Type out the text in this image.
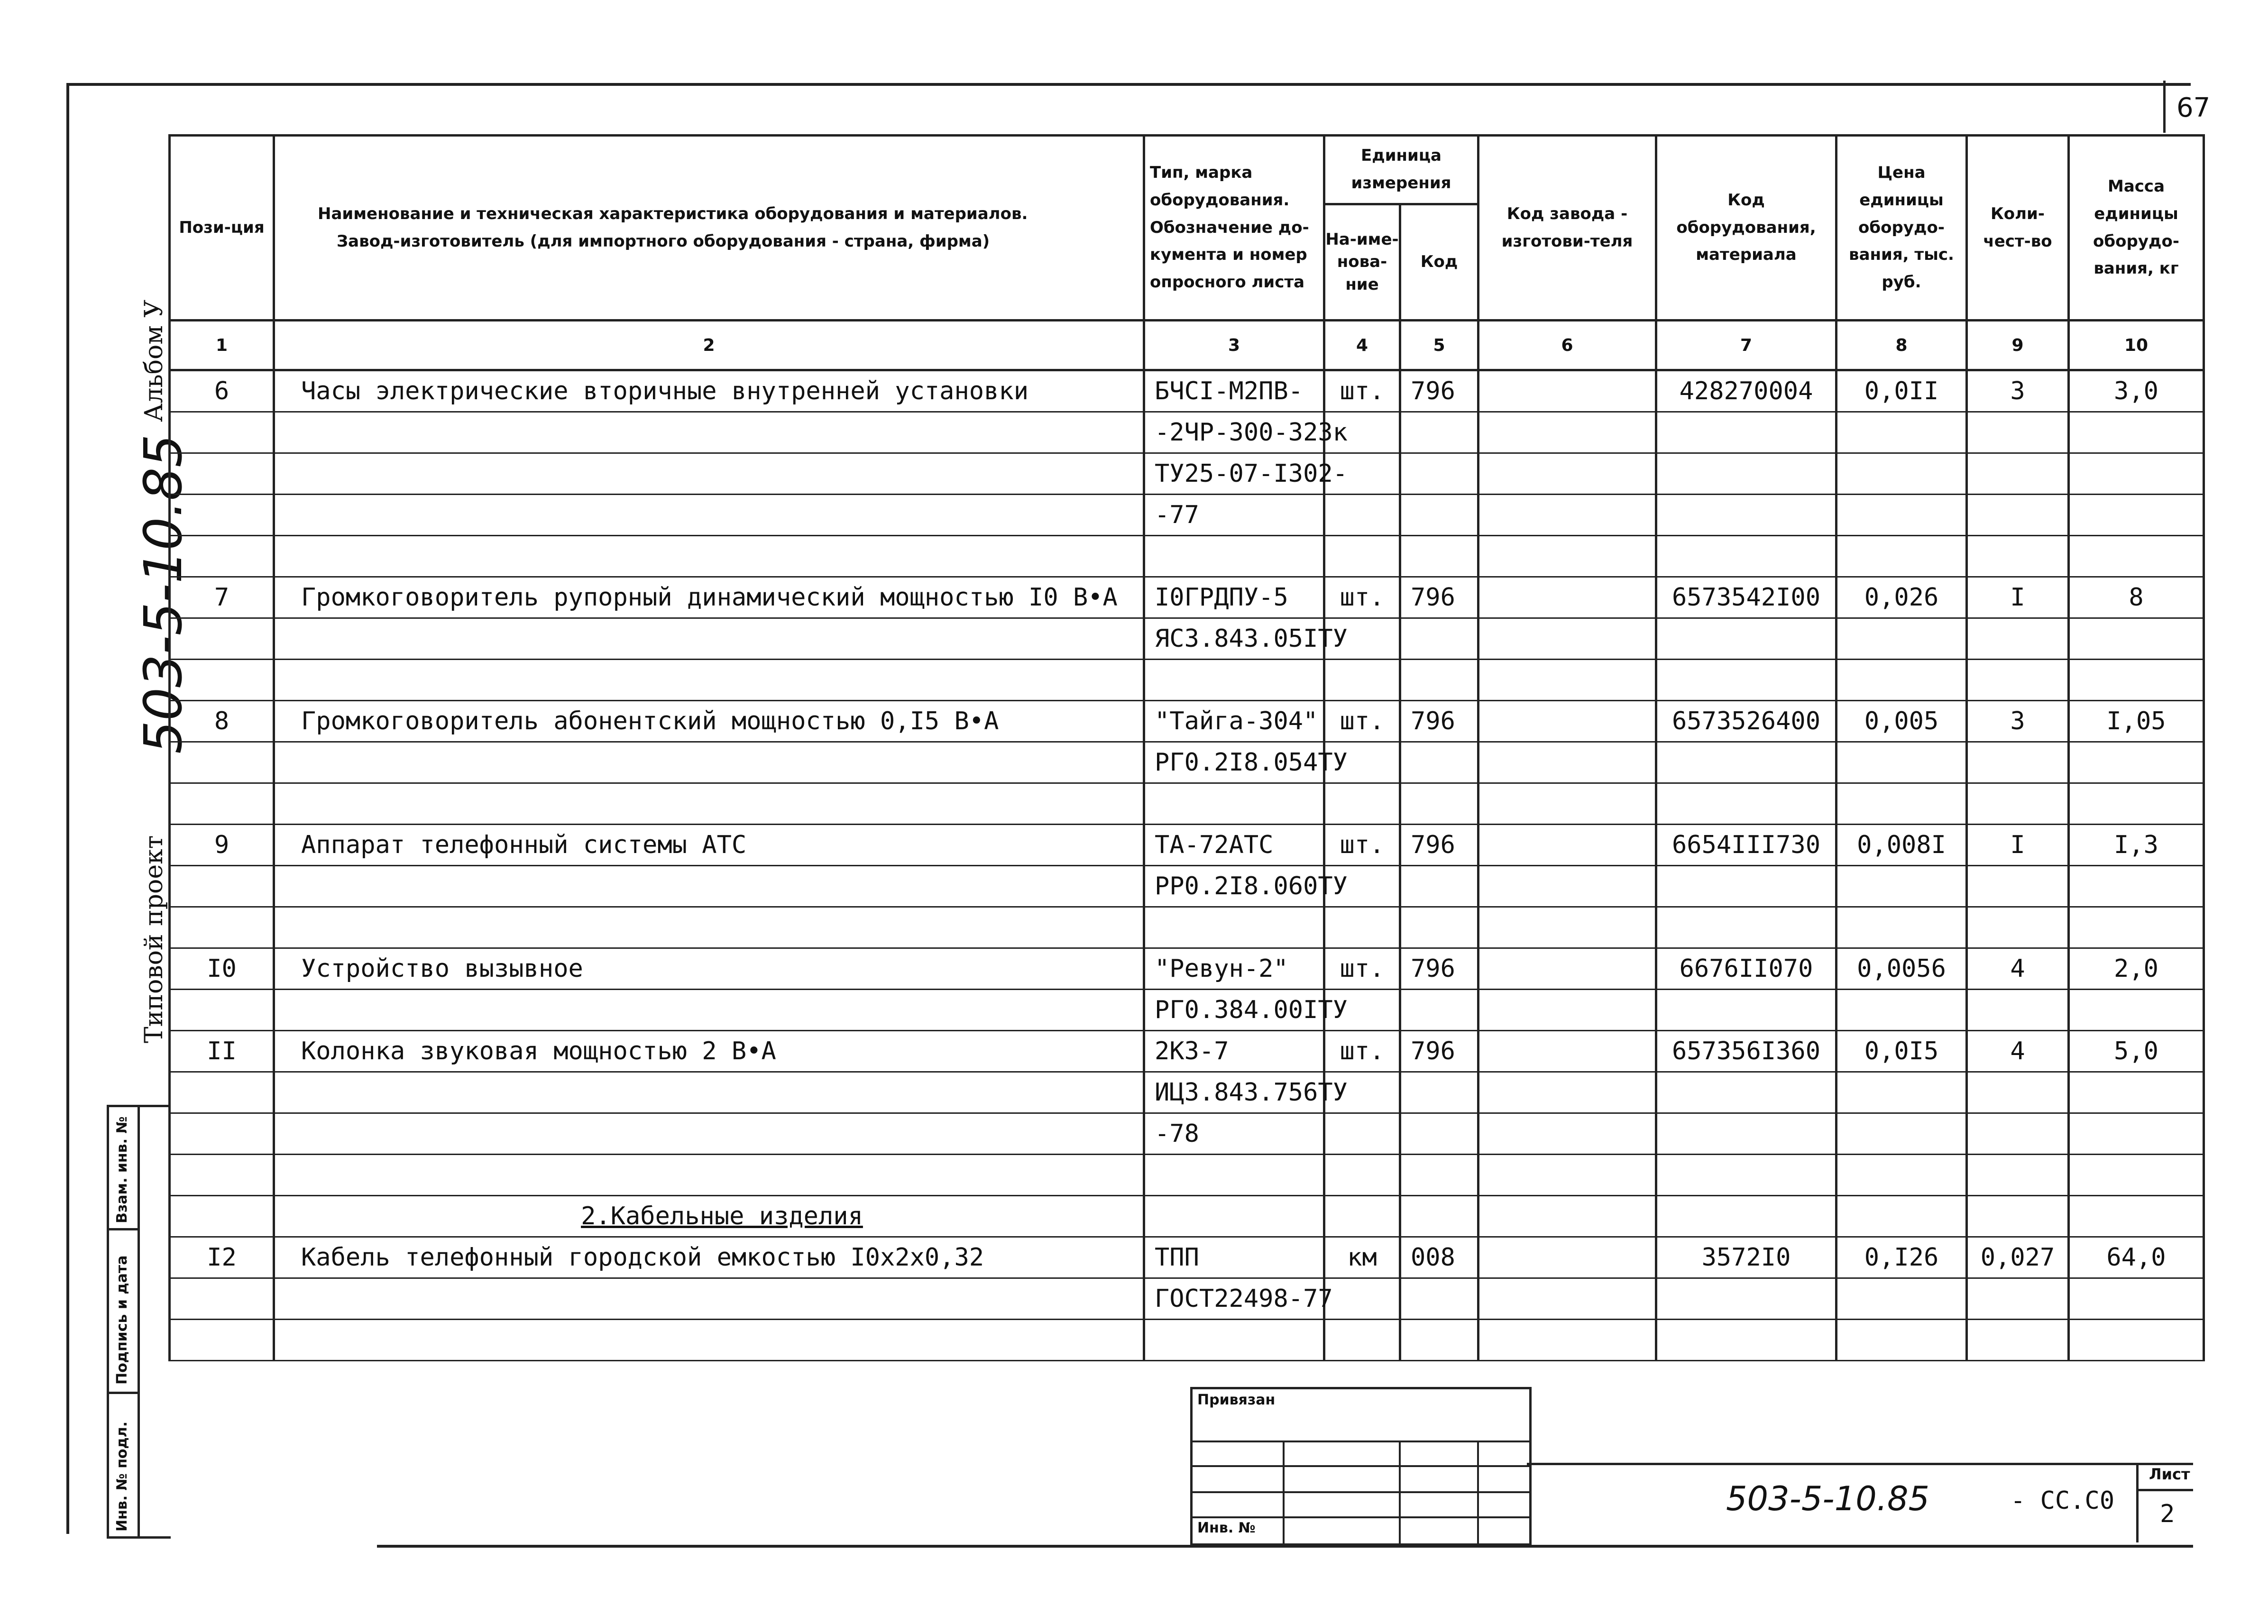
67
Альбом У
503-5-10.85
Типовой проект
Взам. инв. №
Подпись и дата
Инв. № подл.
Пози-ция	Наименование и техническая характеристика оборудования и материалов.
Завод-изготовитель (для импортного оборудования - страна, фирма)	Тип, марка оборудования. Обозначение до-кумента и номер опросного листа	Единица измерения		Код завода - изготови-теля	Код оборудования, материала	Цена единицы оборудо-вания, тыс. руб.	Коли-чест-во	Масса единицы оборудо-вания, кг
			На-име-нова-ние	Код					
1	2	3	4	5	6	7	8	9	10
6	Часы электрические вторичные внутренней установки	БЧСI-М2ПВ-	шт.	796		428270004	0,0II	3	3,0
		-2ЧР-300-323к							
		ТУ25-07-I302-							
		-77							

7	Громкоговоритель рупорный динамический мощностью I0 В•А	I0ГРДПУ-5	шт.	796		6573542I00	0,026	I	8
		ЯСЗ.843.05IТУ							

8	Громкоговоритель абонентский мощностью 0,I5 В•А	"Тайга-304"	шт.	796		6573526400	0,005	3	I,05
		РГ0.2I8.054ТУ							

9	Аппарат телефонный системы АТС	ТА-72АТС	шт.	796		6654III730	0,008I	I	I,3
		РР0.2I8.060ТУ							

I0	Устройство вызывное	"Ревун-2"	шт.	796		6676II070	0,0056	4	2,0
		РГ0.384.00IТУ							
II	Колонка звуковая мощностью 2 В•А	2КЗ-7	шт.	796		657356I360	0,0I5	4	5,0
		ИЦЗ.843.756ТУ							
		-78							

	2.Кабельные изделия								
I2	Кабель телефонный городской емкостью I0х2х0,32	ТПП	км	008		3572I0	0,I26	0,027	64,0
		ГОСТ22498-77							

Привязан
Инв. №
503-5-10.85	- СС.С0
Лист
2
